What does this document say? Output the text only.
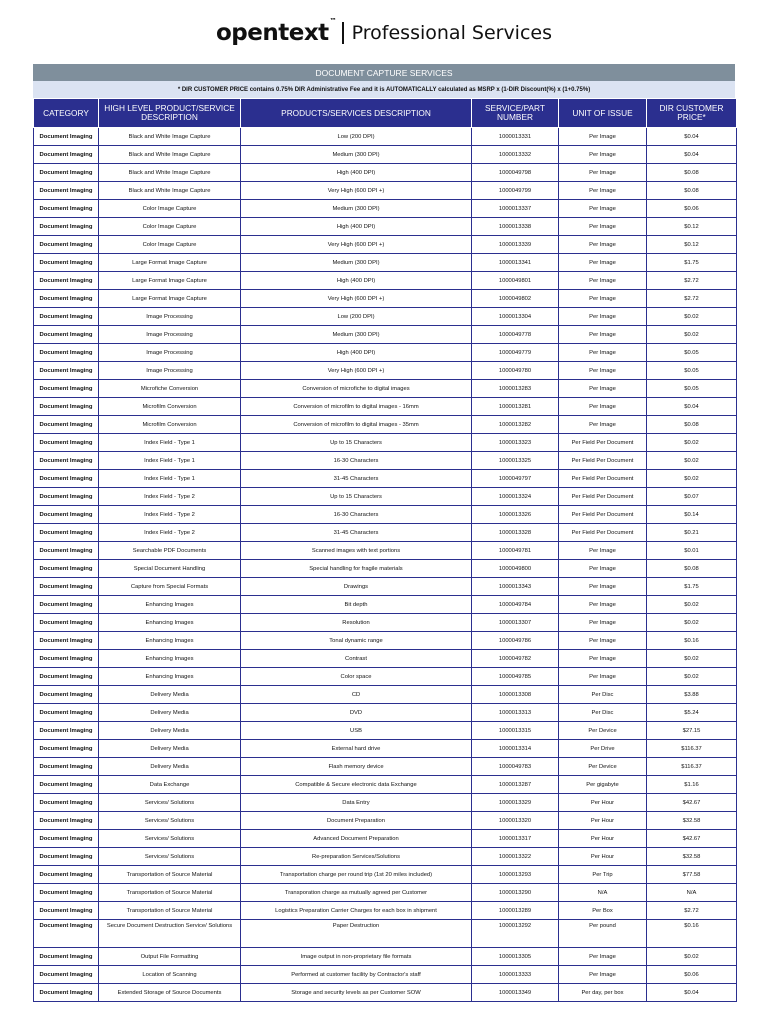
opentext™
Professional Services
DOCUMENT CAPTURE SERVICES
* DIR CUSTOMER PRICE contains 0.75% DIR Administrative Fee and it is AUTOMATICALLY calculated as MSRP x (1-DIR Discount(%) x (1+0.75%)
CATEGORY	HIGH LEVEL PRODUCT/SERVICE DESCRIPTION	PRODUCTS/SERVICES DESCRIPTION	SERVICE/PART NUMBER	UNIT OF ISSUE	DIR CUSTOMER PRICE*
Document Imaging	Black and White Image Capture	Low (200 DPI)	1000013331	Per Image	$0.04
Document Imaging	Black and White Image Capture	Medium (300 DPI)	1000013332	Per Image	$0.04
Document Imaging	Black and White Image Capture	High (400 DPI)	1000049798	Per Image	$0.08
Document Imaging	Black and White Image Capture	Very High (600 DPI +)	1000049799	Per Image	$0.08
Document Imaging	Color Image Capture	Medium (300 DPI)	1000013337	Per Image	$0.06
Document Imaging	Color Image Capture	High (400 DPI)	1000013338	Per Image	$0.12
Document Imaging	Color Image Capture	Very High (600 DPI +)	1000013339	Per Image	$0.12
Document Imaging	Large Format Image Capture	Medium (300 DPI)	1000013341	Per Image	$1.75
Document Imaging	Large Format Image Capture	High (400 DPI)	1000049801	Per Image	$2.72
Document Imaging	Large Format Image Capture	Very High (600 DPI +)	1000049802	Per Image	$2.72
Document Imaging	Image Processing	Low (200 DPI)	1000013304	Per Image	$0.02
Document Imaging	Image Processing	Medium (300 DPI)	1000049778	Per Image	$0.02
Document Imaging	Image Processing	High (400 DPI)	1000049779	Per Image	$0.05
Document Imaging	Image Processing	Very High (600 DPI +)	1000049780	Per Image	$0.05
Document Imaging	Microfiche Conversion	Conversion of microfiche to digital images	1000013283	Per Image	$0.05
Document Imaging	Microfilm Conversion	Conversion of microfilm to digital images - 16mm	1000013281	Per Image	$0.04
Document Imaging	Microfilm Conversion	Conversion of microfilm to digital images - 35mm	1000013282	Per Image	$0.08
Document Imaging	Index Field - Type 1	Up to 15 Characters	1000013323	Per Field Per Document	$0.02
Document Imaging	Index Field - Type 1	16-30 Characters	1000013325	Per Field Per Document	$0.02
Document Imaging	Index Field - Type 1	31-45 Characters	1000049797	Per Field Per Document	$0.02
Document Imaging	Index Field - Type 2	Up to 15 Characters	1000013324	Per Field Per Document	$0.07
Document Imaging	Index Field - Type 2	16-30 Characters	1000013326	Per Field Per Document	$0.14
Document Imaging	Index Field - Type 2	31-45 Characters	1000013328	Per Field Per Document	$0.21
Document Imaging	Searchable PDF Documents	Scanned images with text portions	1000049781	Per Image	$0.01
Document Imaging	Special Document Handling	Special handling for fragile materials	1000049800	Per Image	$0.08
Document Imaging	Capture from Special Formats	Drawings	1000013343	Per Image	$1.75
Document Imaging	Enhancing Images	Bit depth	1000049784	Per Image	$0.02
Document Imaging	Enhancing Images	Resolution	1000013307	Per Image	$0.02
Document Imaging	Enhancing Images	Tonal dynamic range	1000049786	Per Image	$0.16
Document Imaging	Enhancing Images	Contrast	1000049782	Per Image	$0.02
Document Imaging	Enhancing Images	Color space	1000049785	Per Image	$0.02
Document Imaging	Delivery Media	CD	1000013308	Per Disc	$3.88
Document Imaging	Delivery Media	DVD	1000013313	Per Disc	$5.24
Document Imaging	Delivery Media	USB	1000013315	Per Device	$27.15
Document Imaging	Delivery Media	External hard drive	1000013314	Per Drive	$116.37
Document Imaging	Delivery Media	Flash memory device	1000049783	Per Device	$116.37
Document Imaging	Data Exchange	Compatible & Secure electronic data Exchange	1000013287	Per gigabyte	$1.16
Document Imaging	Services/ Solutions	Data Entry	1000013329	Per Hour	$42.67
Document Imaging	Services/ Solutions	Document Preparation	1000013320	Per Hour	$32.58
Document Imaging	Services/ Solutions	Advanced Document Preparation	1000013317	Per Hour	$42.67
Document Imaging	Services/ Solutions	Re-preparation Services/Solutions	1000013322	Per Hour	$32.58
Document Imaging	Transportation of Source Material	Transportation charge per round trip (1st 20 miles included)	1000013293	Per Trip	$77.58
Document Imaging	Transportation of Source Material	Transporation charge as mutually agreed per Customer	1000013290	N/A	N/A
Document Imaging	Transportation of Source Material	Logistics Preparation Carrier Charges for each box in shipment	1000013289	Per Box	$2.72
Document Imaging	Secure Document Destruction Service/ Solutions	Paper Destruction	1000013292	Per pound	$0.16
Document Imaging	Output File Formatting	Image output in non-proprietary file formats	1000013305	Per Image	$0.02
Document Imaging	Location of Scanning	Performed at customer facility by Contractor's staff	1000013333	Per Image	$0.06
Document Imaging	Extended Storage of Source Documents	Storage and security levels as per Customer SOW	1000013349	Per day, per box	$0.04
